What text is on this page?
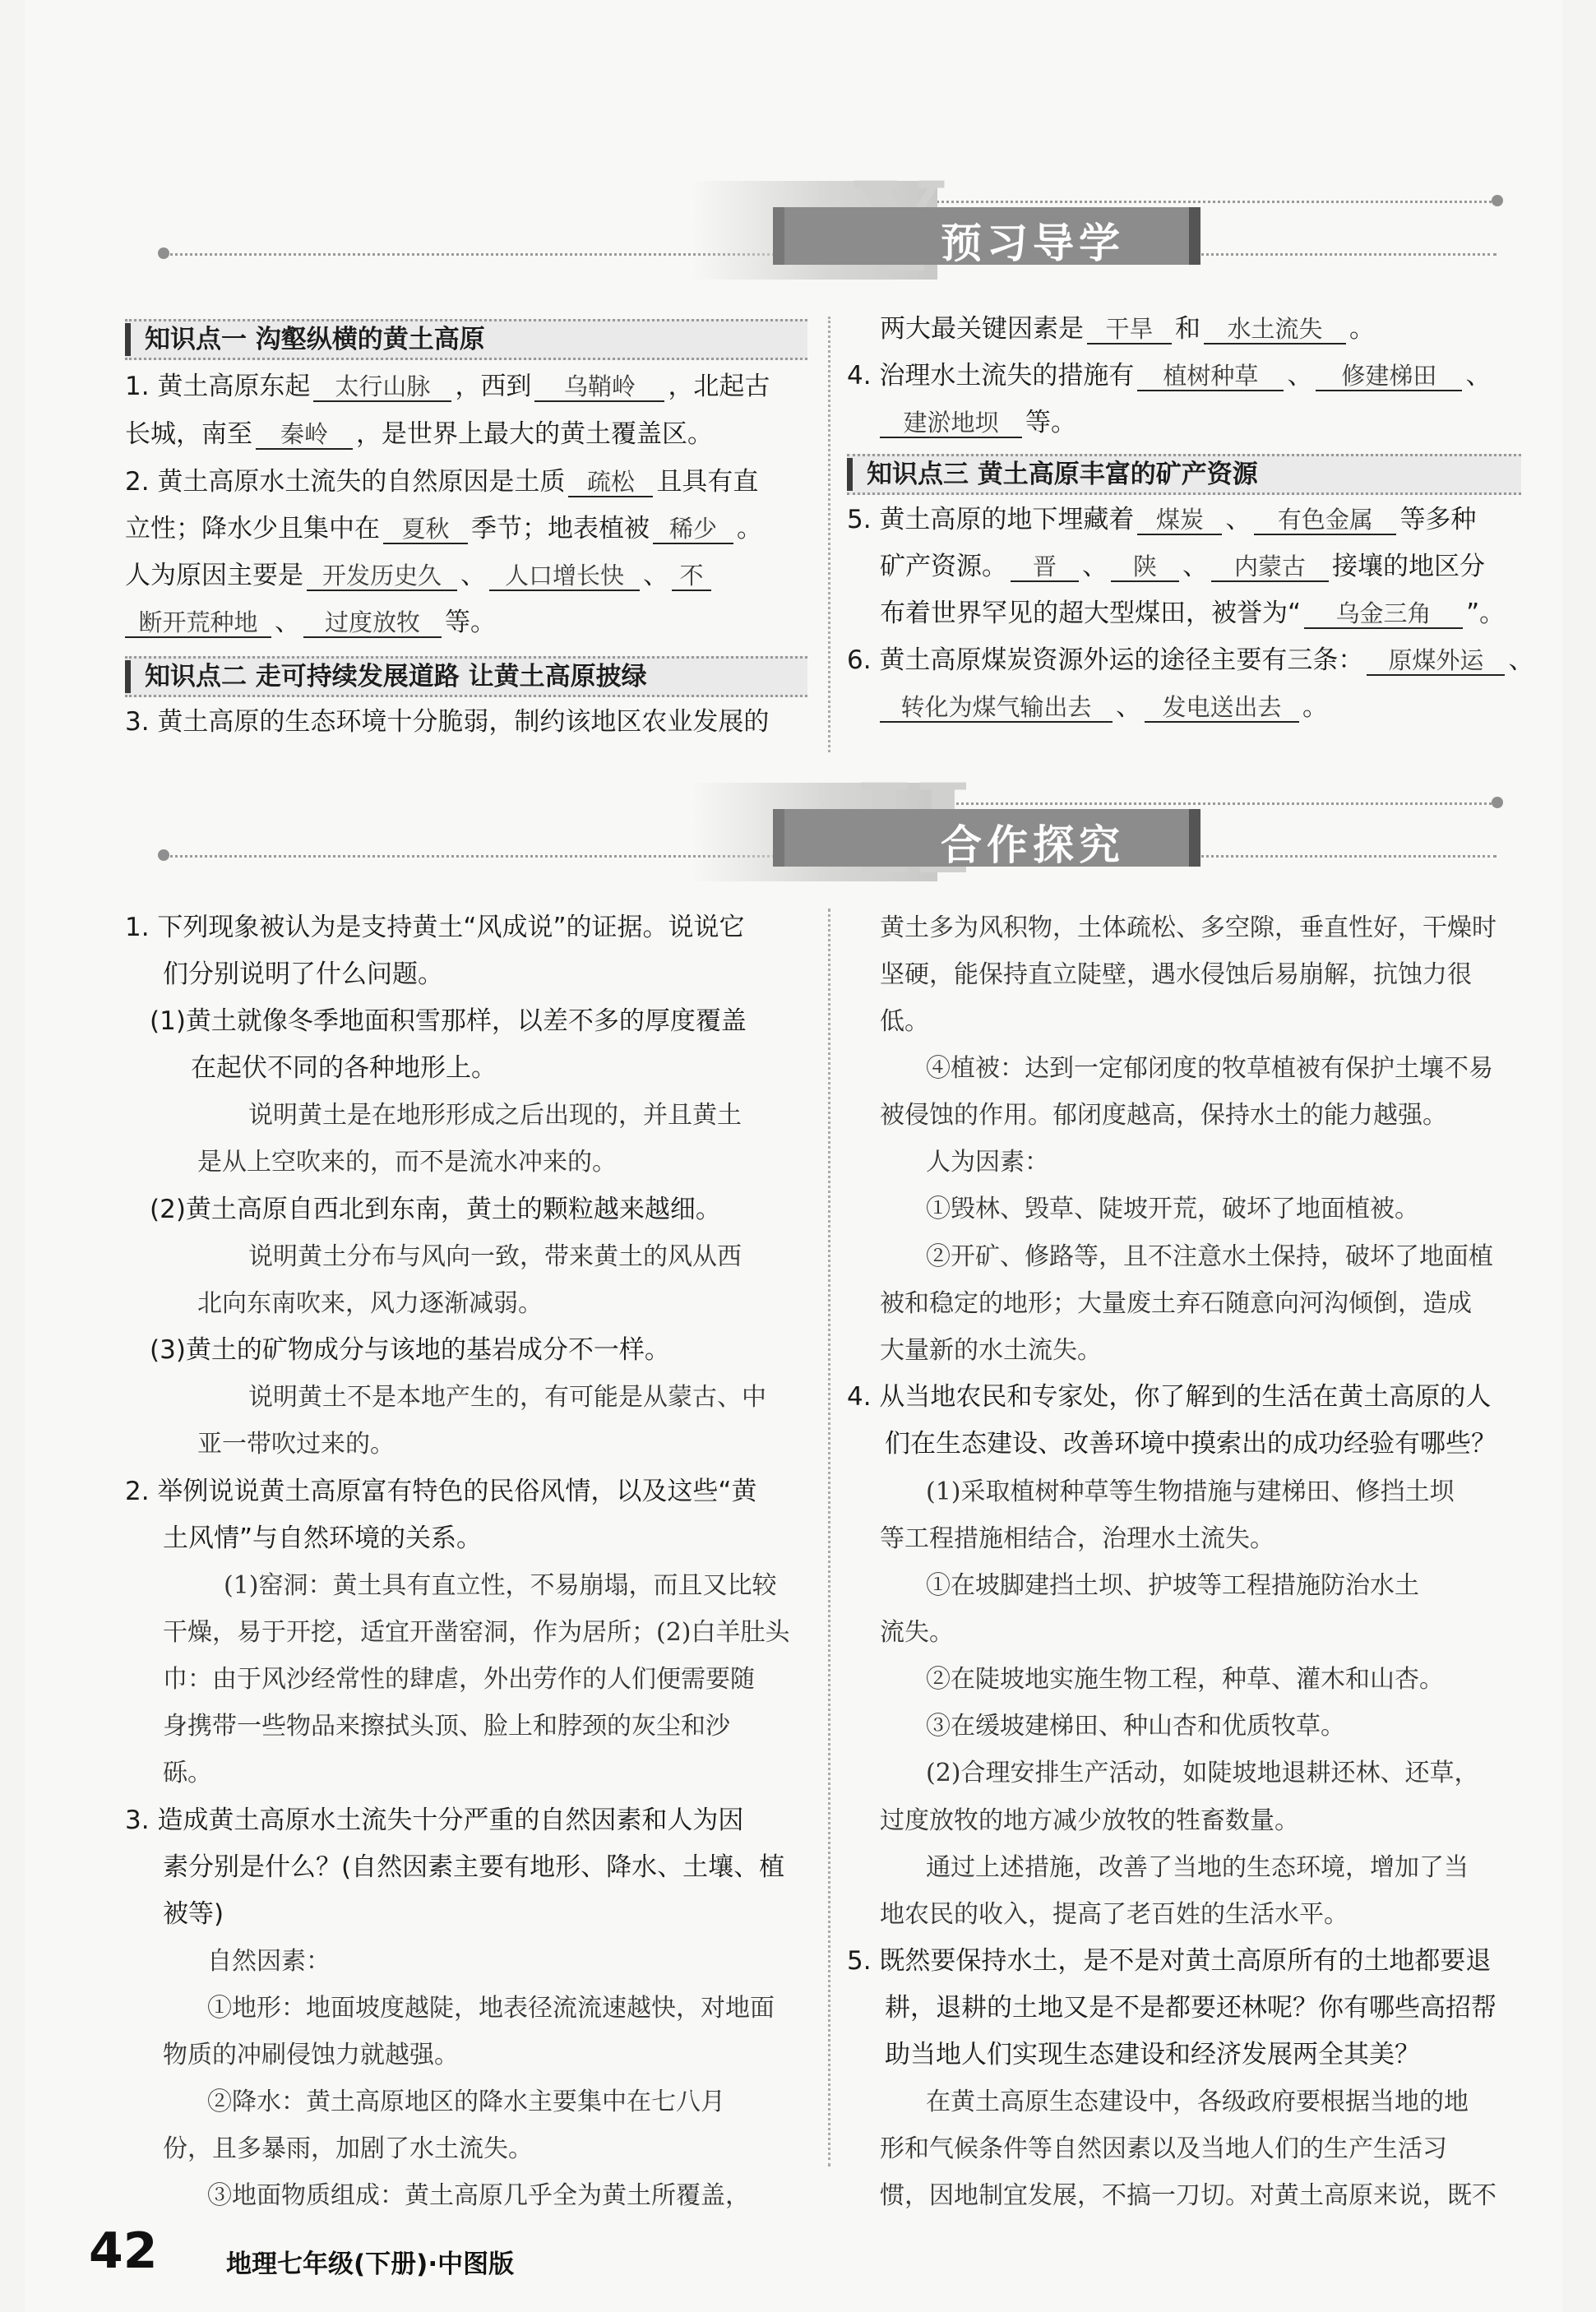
预习导学
知识点一 沟壑纵横的黄土高原
1. 黄土高原东起 太行山脉 ，西到 乌鞘岭 ，北起古
长城，南至 秦岭 ，是世界上最大的黄土覆盖区。
2. 黄土高原水土流失的自然原因是土质 疏松 且具有直
立性；降水少且集中在 夏秋 季节；地表植被 稀少 。
人为原因主要是 开发历史久 、 人口增长快 、 不
断开荒种地 、 过度放牧 等。
知识点二 走可持续发展道路 让黄土高原披绿
3. 黄土高原的生态环境十分脆弱，制约该地区农业发展的
两大最关键因素是 干旱 和 水土流失 。
4. 治理水土流失的措施有 植树种草 、 修建梯田 、
建淤地坝 等。
知识点三 黄土高原丰富的矿产资源
5. 黄土高原的地下埋藏着 煤炭 、 有色金属 等多种
矿产资源。 晋 、 陕 、 内蒙古 接壤的地区分
布着世界罕见的超大型煤田，被誉为“ 乌金三角 ”。
6. 黄土高原煤炭资源外运的途径主要有三条： 原煤外运 、
转化为煤气输出去 、 发电送出去 。
合作探究
1. 下列现象被认为是支持黄土“风成说”的证据。说说它
们分别说明了什么问题。
(1)黄土就像冬季地面积雪那样，以差不多的厚度覆盖
在起伏不同的各种地形上。
说明黄土是在地形形成之后出现的，并且黄土
是从上空吹来的，而不是流水冲来的。
(2)黄土高原自西北到东南，黄土的颗粒越来越细。
说明黄土分布与风向一致，带来黄土的风从西
北向东南吹来，风力逐渐减弱。
(3)黄土的矿物成分与该地的基岩成分不一样。
说明黄土不是本地产生的，有可能是从蒙古、中
亚一带吹过来的。
2. 举例说说黄土高原富有特色的民俗风情，以及这些“黄
土风情”与自然环境的关系。
(1)窑洞：黄土具有直立性，不易崩塌，而且又比较
干燥，易于开挖，适宜开凿窑洞，作为居所；(2)白羊肚头
巾：由于风沙经常性的肆虐，外出劳作的人们便需要随
身携带一些物品来擦拭头顶、脸上和脖颈的灰尘和沙
砾。
3. 造成黄土高原水土流失十分严重的自然因素和人为因
素分别是什么？(自然因素主要有地形、降水、土壤、植
被等)
自然因素：
①地形：地面坡度越陡，地表径流流速越快，对地面
物质的冲刷侵蚀力就越强。
②降水：黄土高原地区的降水主要集中在七八月
份，且多暴雨，加剧了水土流失。
③地面物质组成：黄土高原几乎全为黄土所覆盖，
黄土多为风积物，土体疏松、多空隙，垂直性好，干燥时
坚硬，能保持直立陡壁，遇水侵蚀后易崩解，抗蚀力很
低。
④植被：达到一定郁闭度的牧草植被有保护土壤不易
被侵蚀的作用。郁闭度越高，保持水土的能力越强。
人为因素：
①毁林、毁草、陡坡开荒，破坏了地面植被。
②开矿、修路等，且不注意水土保持，破坏了地面植
被和稳定的地形；大量废土弃石随意向河沟倾倒，造成
大量新的水土流失。
4. 从当地农民和专家处，你了解到的生活在黄土高原的人
们在生态建设、改善环境中摸索出的成功经验有哪些？
(1)采取植树种草等生物措施与建梯田、修挡土坝
等工程措施相结合，治理水土流失。
①在坡脚建挡土坝、护坡等工程措施防治水土
流失。
②在陡坡地实施生物工程，种草、灌木和山杏。
③在缓坡建梯田、种山杏和优质牧草。
(2)合理安排生产活动，如陡坡地退耕还林、还草，
过度放牧的地方减少放牧的牲畜数量。
通过上述措施，改善了当地的生态环境，增加了当
地农民的收入，提高了老百姓的生活水平。
5. 既然要保持水土，是不是对黄土高原所有的土地都要退
耕，退耕的土地又是不是都要还林呢？你有哪些高招帮
助当地人们实现生态建设和经济发展两全其美？
在黄土高原生态建设中，各级政府要根据当地的地
形和气候条件等自然因素以及当地人们的生产生活习
惯，因地制宜发展，不搞一刀切。对黄土高原来说，既不
42	地理七年级(下册)·中图版
